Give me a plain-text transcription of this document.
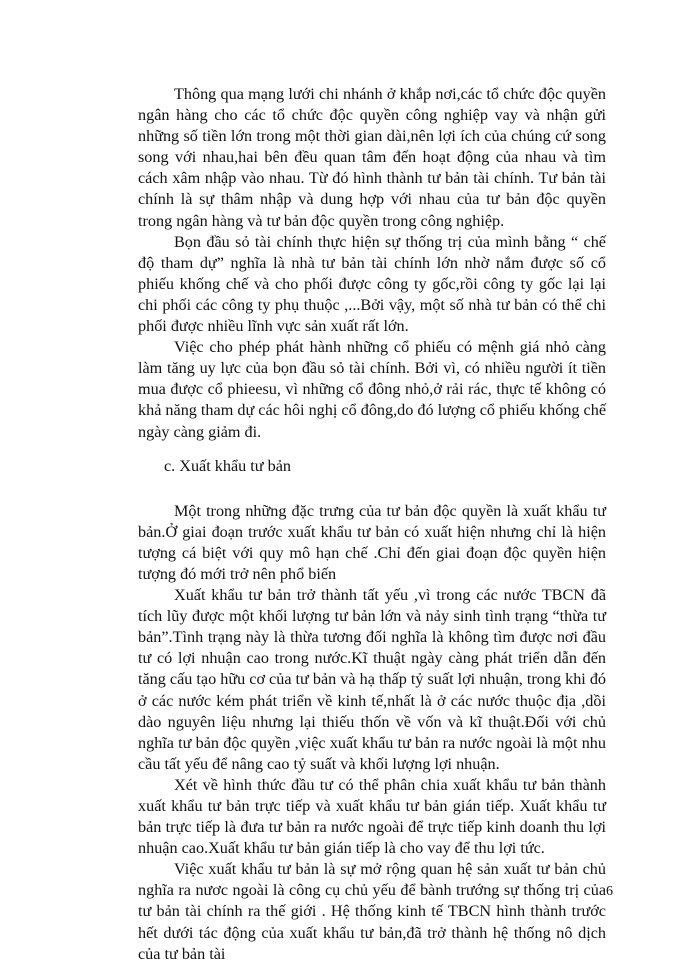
Thông qua mạng lưới chi nhánh ở khắp nơi,các tổ chức độc quyền ngân hàng cho các tổ chức độc quyền công nghiệp vay và nhận gửi những số tiền lớn trong một thời gian dài,nên lợi ích của chúng cứ song song với nhau,hai bên đều quan tâm đến hoạt động của nhau và tìm cách xâm nhập vào nhau. Từ đó hình thành tư bản tài chính. Tư bản tài chính là sự thâm nhập và dung hợp với nhau của tư bản độc quyền trong ngân hàng và tư bản độc quyền trong công nghiệp.

Bọn đầu sỏ tài chính thực hiện sự thống trị của mình bằng “ chế độ tham dự” nghĩa là nhà tư bản tài chính lớn nhờ nắm được số cổ phiếu khống chế và cho phối được công ty gốc,rồi công ty gốc lại lại chi phối các công ty phụ thuộc ,...Bởi vậy, một số nhà tư bản có thể chi phối được nhiều lĩnh vực sản xuất rất lớn.

Việc cho phép phát hành những cổ phiếu có mệnh giá nhỏ càng làm tăng uy lực của bọn đầu sỏ tài chính. Bởi vì, có nhiều người ít tiền mua được cổ phieesu, vì những cổ đông nhỏ,ở rải rác, thực tế không có khả năng tham dự các hôi nghị cổ đông,do đó lượng cổ phiếu khống chế ngày càng giảm đi.

c. Xuất khẩu tư bản

Một trong những đặc trưng của tư bản độc quyền là xuất khẩu tư bản.Ở giai đoạn trước xuất khẩu tư bản có xuất hiện nhưng chỉ là hiện tượng cá biệt với quy mô hạn chế .Chỉ đến giai đoạn độc quyền hiện tượng đó mới trở nên phổ biến

Xuất khẩu tư bản trở thành tất yếu ,vì trong các nước TBCN đã tích lũy được một khối lượng tư bản lớn và nảy sinh tình trạng “thừa tư bản”.Tình trạng này là thừa tương đối nghĩa là không tìm được nơi đầu tư có lợi nhuận cao trong nước.Kĩ thuật ngày càng phát triển dẫn đến tăng cấu tạo hữu cơ của tư bản và hạ thấp tỷ suất lợi nhuận, trong khi đó ở các nước kém phát triển về kinh tế,nhất là ở các nước thuộc địa ,dồi dào nguyên liệu nhưng lại thiếu thốn về vốn và kĩ thuật.Đối với chủ nghĩa tư bản độc quyền ,việc xuất khẩu tư bản ra nước ngoài là một nhu cầu tất yếu để nâng cao tỷ suất và khối lượng lợi nhuận.

Xét về hình thức đầu tư có thể phân chia xuất khẩu tư bản thành xuất khẩu tư bản trực tiếp và xuất khẩu tư bản gián tiếp. Xuất khẩu tư bản trực tiếp là đưa tư bản ra nước ngoài để trực tiếp kinh doanh thu lợi nhuận cao.Xuất khẩu tư bản gián tiếp là cho vay để thu lợi tức.

Việc xuất khẩu tư bản là sự mở rộng quan hệ sản xuất tư bản chủ nghĩa ra nươc ngoài là công cụ chủ yếu để bành trướng sự thống trị của tư bản tài chính ra thế giới . Hệ thống kinh tế TBCN hình thành trước hết dưới tác động của xuất khẩu tư bản,đã trở thành hệ thống nô dịch của tư bản tài

6
